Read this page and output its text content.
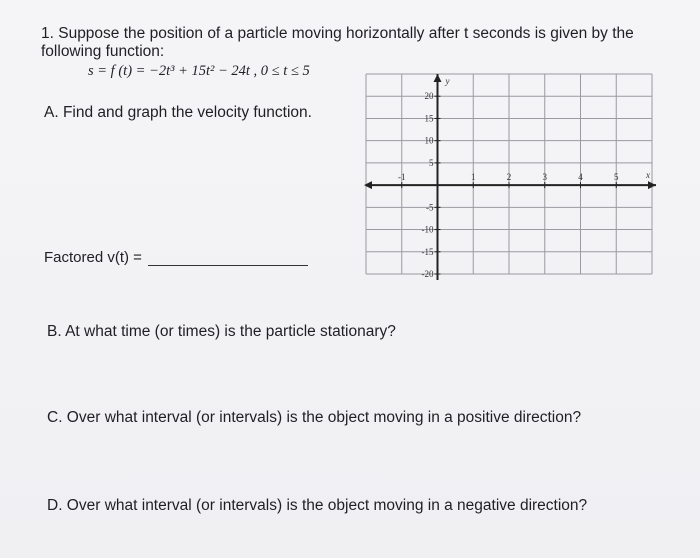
1. Suppose the position of a particle moving horizontally after t seconds is given by the
following function:
s = f (t) = −2t³ + 15t² − 24t , 0 ≤ t ≤ 5
A. Find and graph the velocity function.
Factored v(t) =
x
y
-1	1	2	3	4	5
20
15
10
5
-5
-10
-15
-20
B. At what time (or times) is the particle stationary?
C. Over what interval (or intervals) is the object moving in a positive direction?
D. Over what interval (or intervals) is the object moving in a negative direction?
